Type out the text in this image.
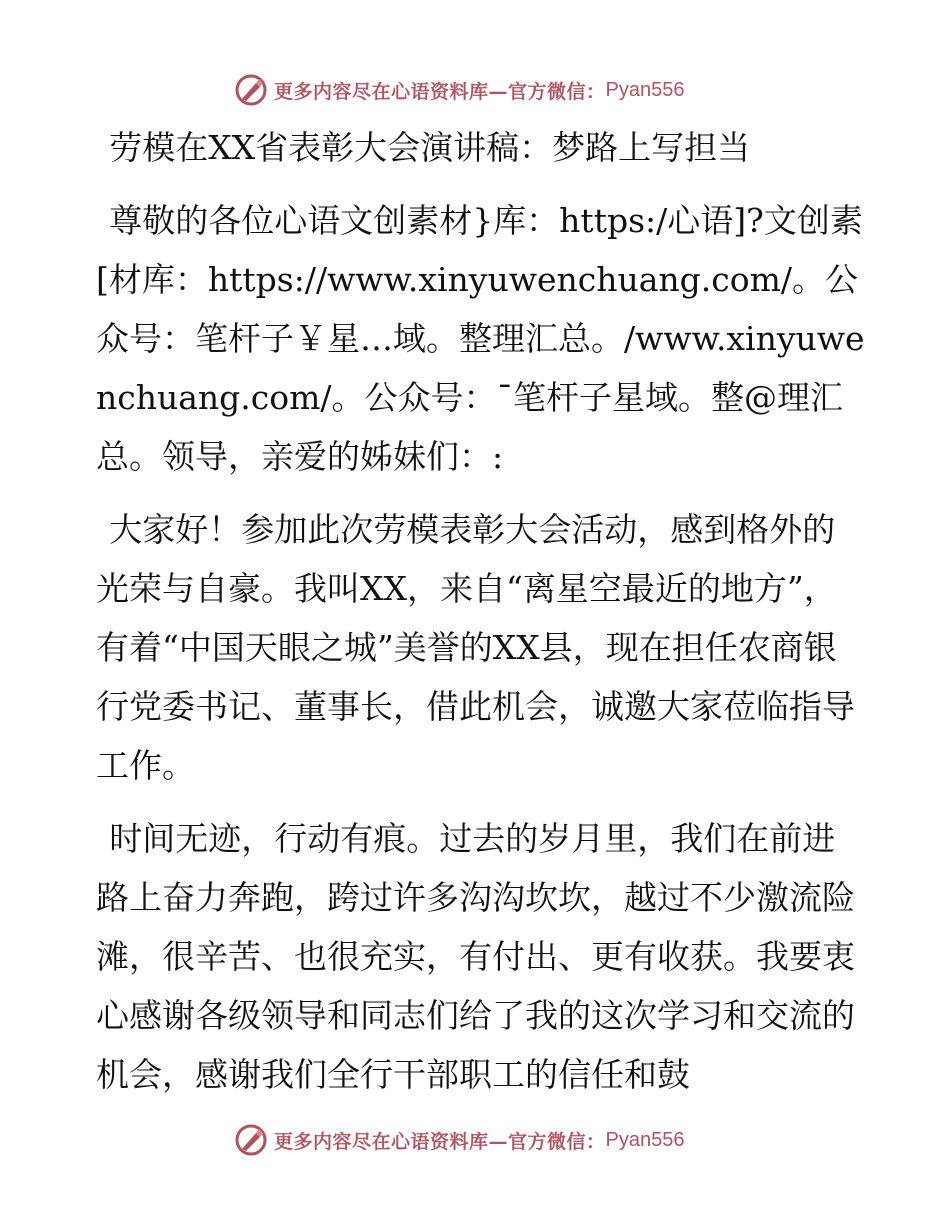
更多内容尽在心语资料库—官方微信： Pyan556

劳模在XX省表彰大会演讲稿：梦路上写担当

尊敬的各位心语文创素材}库：https:/心语]?文创素[材库：https://www.xinyuwenchuang.com/。公众号：笔杆子￥星…域。整理汇总。/www.xinyuwenchuang.com/。公众号：¯笔杆子星域。整@理汇总。领导，亲爱的姊妹们：:

大家好！参加此次劳模表彰大会活动，感到格外的光荣与自豪。我叫XX，来自“离星空最近的地方”，有着“中国天眼之城”美誉的XX县，现在担任农商银行党委书记、董事长，借此机会，诚邀大家莅临指导工作。

时间无迹，行动有痕。过去的岁月里，我们在前进路上奋力奔跑，跨过许多沟沟坎坎，越过不少激流险滩，很辛苦、也很充实，有付出、更有收获。我要衷心感谢各级领导和同志们给了我的这次学习和交流的机会，感谢我们全行干部职工的信任和鼓

更多内容尽在心语资料库—官方微信： Pyan556
